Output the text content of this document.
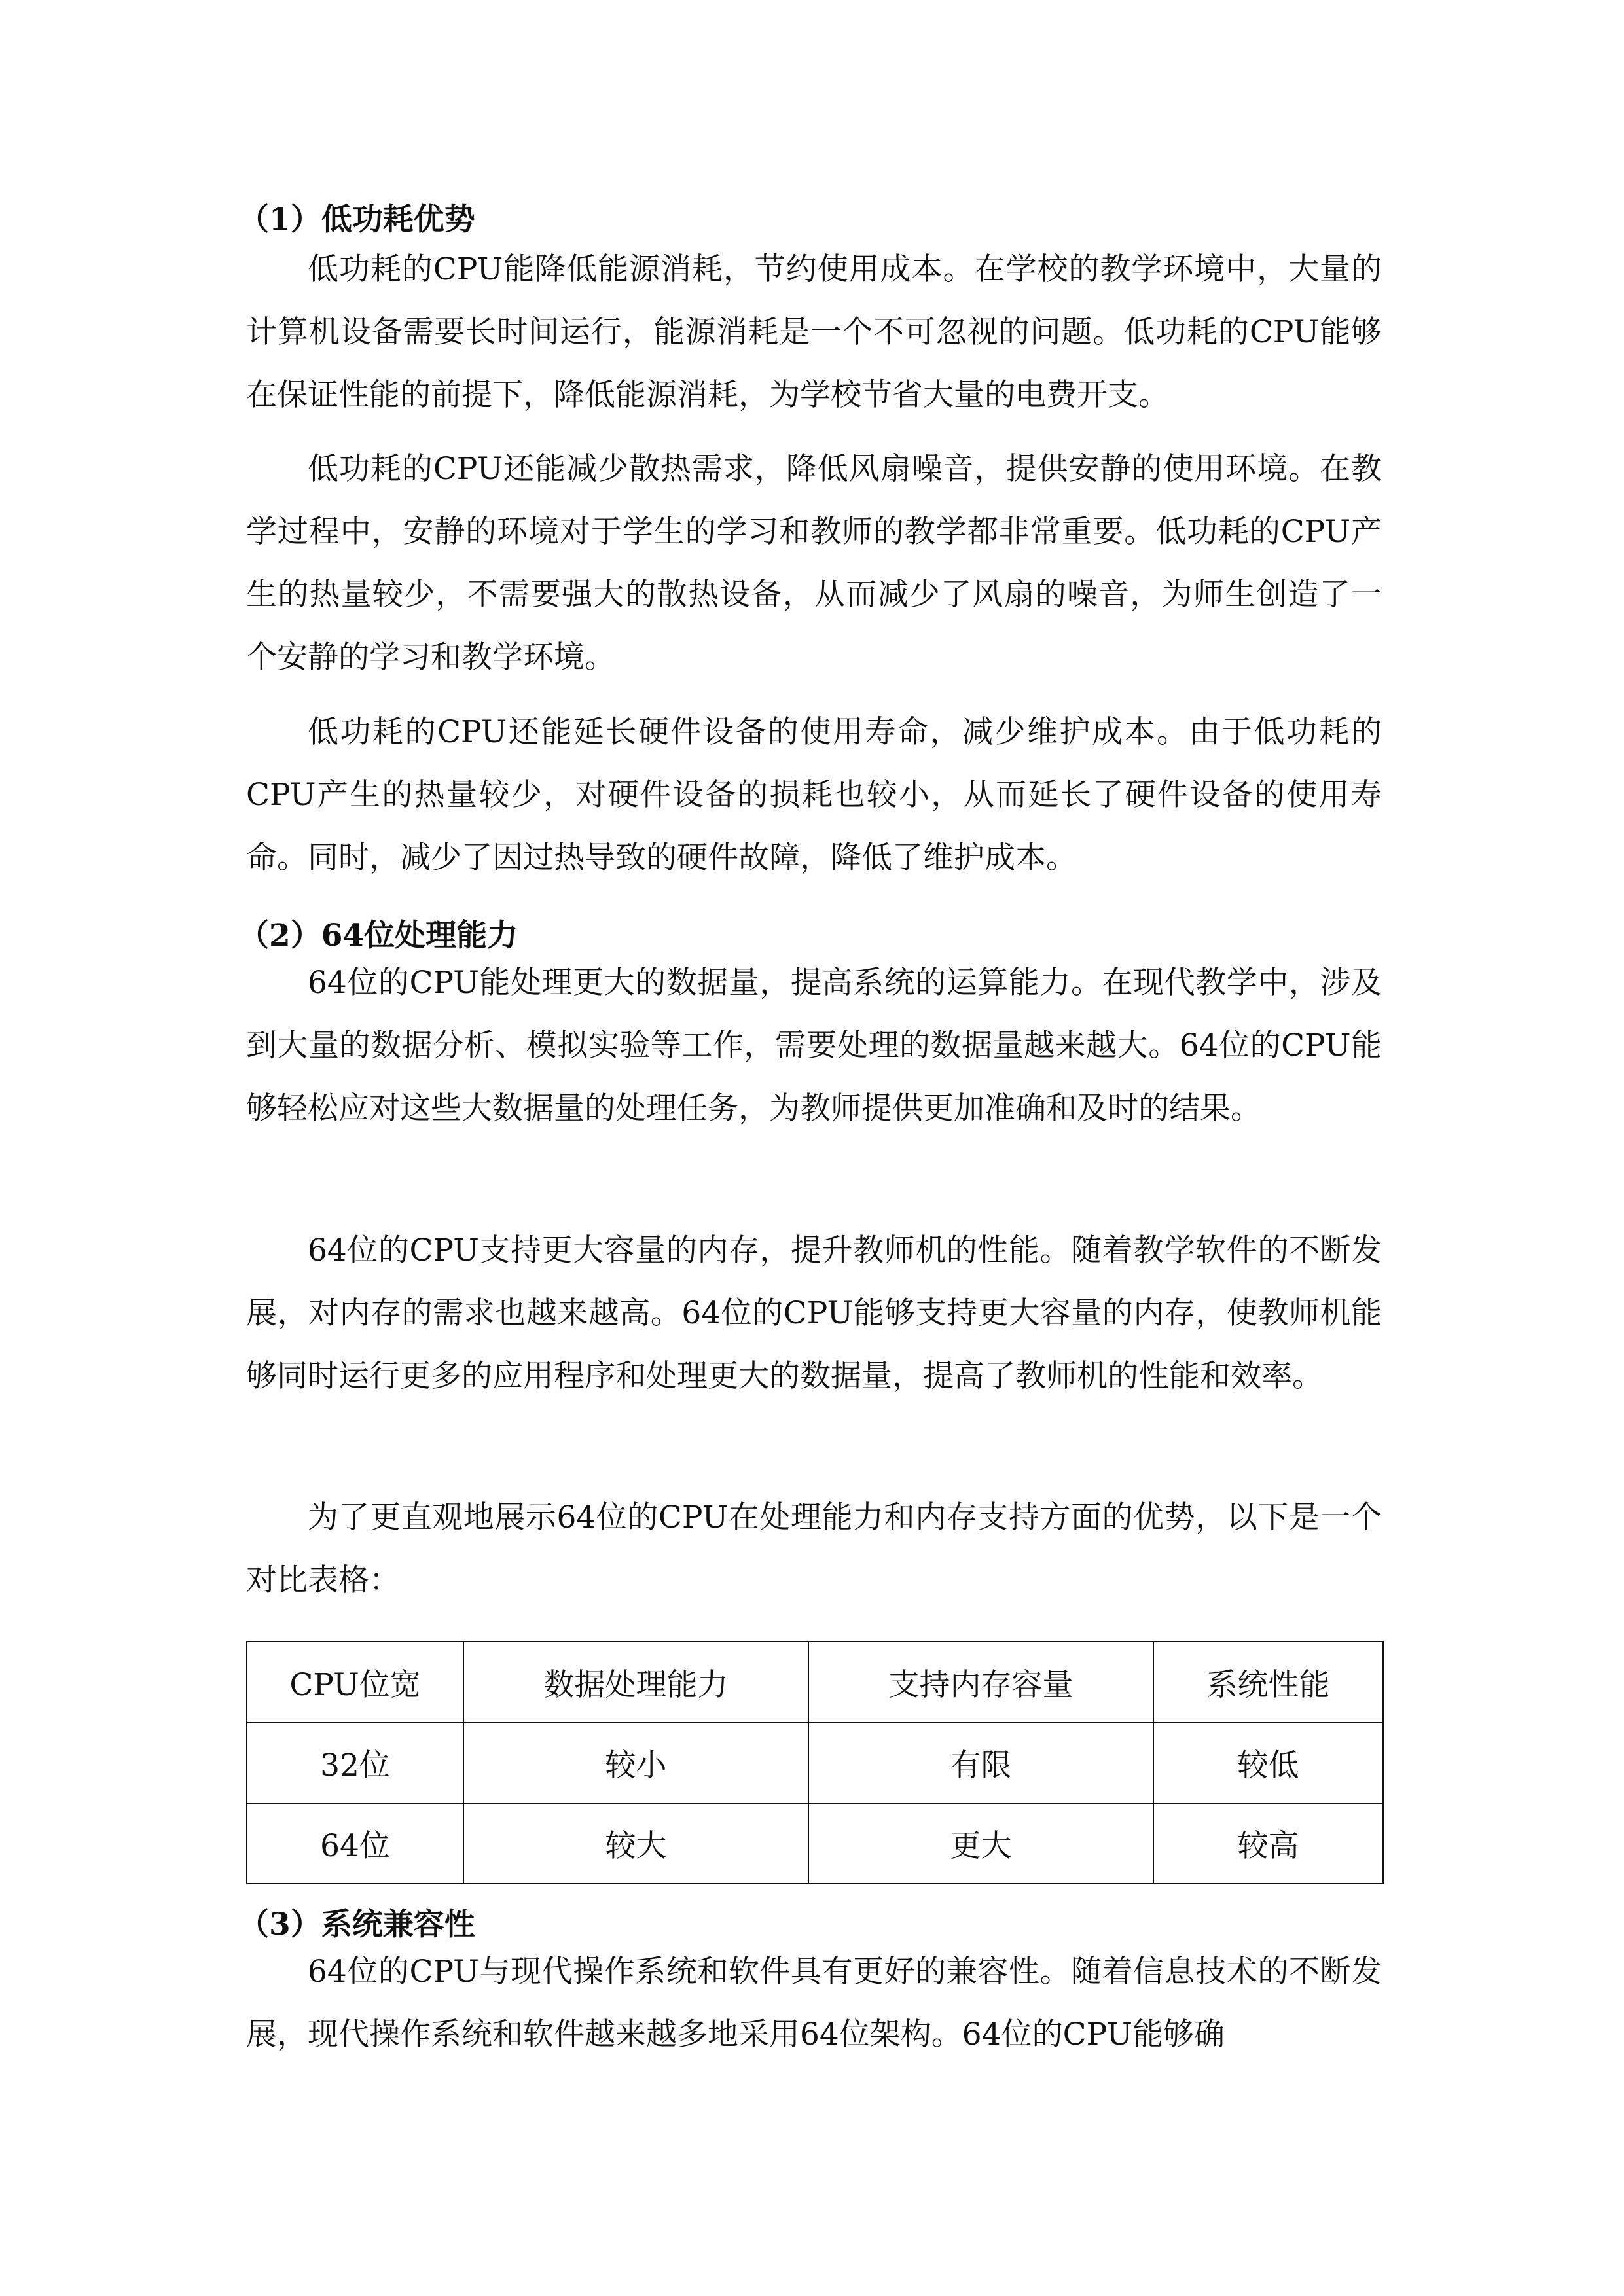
（1）低功耗优势

低功耗的CPU能降低能源消耗，节约使用成本。在学校的教学环境中，大量的计算机设备需要长时间运行，能源消耗是一个不可忽视的问题。低功耗的CPU能够在保证性能的前提下，降低能源消耗，为学校节省大量的电费开支。

低功耗的CPU还能减少散热需求，降低风扇噪音，提供安静的使用环境。在教学过程中，安静的环境对于学生的学习和教师的教学都非常重要。低功耗的CPU产生的热量较少，不需要强大的散热设备，从而减少了风扇的噪音，为师生创造了一个安静的学习和教学环境。

低功耗的CPU还能延长硬件设备的使用寿命，减少维护成本。由于低功耗的CPU产生的热量较少，对硬件设备的损耗也较小，从而延长了硬件设备的使用寿命。同时，减少了因过热导致的硬件故障，降低了维护成本。

（2）64位处理能力

64位的CPU能处理更大的数据量，提高系统的运算能力。在现代教学中，涉及到大量的数据分析、模拟实验等工作，需要处理的数据量越来越大。64位的CPU能够轻松应对这些大数据量的处理任务，为教师提供更加准确和及时的结果。

64位的CPU支持更大容量的内存，提升教师机的性能。随着教学软件的不断发展，对内存的需求也越来越高。64位的CPU能够支持更大容量的内存，使教师机能够同时运行更多的应用程序和处理更大的数据量，提高了教师机的性能和效率。

为了更直观地展示64位的CPU在处理能力和内存支持方面的优势，以下是一个对比表格：

CPU位宽	数据处理能力	支持内存容量	系统性能
32位	较小	有限	较低
64位	较大	更大	较高
（3）系统兼容性

64位的CPU与现代操作系统和软件具有更好的兼容性。随着信息技术的不断发展，现代操作系统和软件越来越多地采用64位架构。64位的CPU能够确
